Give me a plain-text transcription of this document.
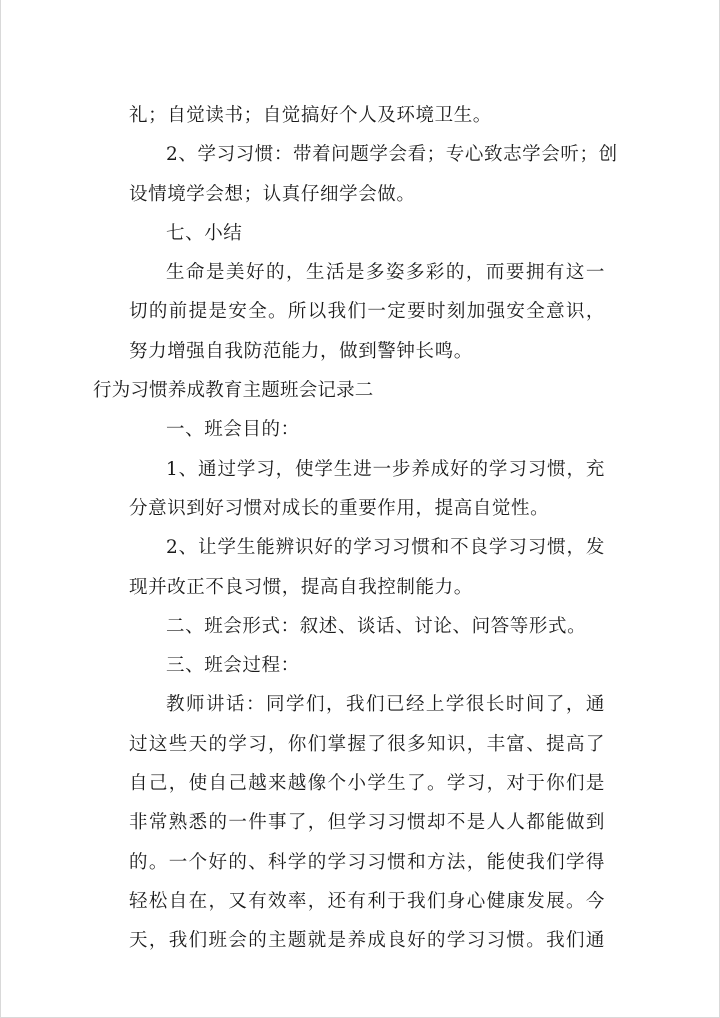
礼；自觉读书；自觉搞好个人及环境卫生。
2、学习习惯：带着问题学会看；专心致志学会听；创
设情境学会想；认真仔细学会做。
七、小结
生命是美好的，生活是多姿多彩的，而要拥有这一
切的前提是安全。所以我们一定要时刻加强安全意识，
努力增强自我防范能力，做到警钟长鸣。
行为习惯养成教育主题班会记录二
一、班会目的：
1、通过学习，使学生进一步养成好的学习习惯，充
分意识到好习惯对成长的重要作用，提高自觉性。
2、让学生能辨识好的学习习惯和不良学习习惯，发
现并改正不良习惯，提高自我控制能力。
二、班会形式：叙述、谈话、讨论、问答等形式。
三、班会过程：
教师讲话：同学们，我们已经上学很长时间了，通
过这些天的学习，你们掌握了很多知识，丰富、提高了
自己，使自己越来越像个小学生了。学习，对于你们是
非常熟悉的一件事了，但学习习惯却不是人人都能做到
的。一个好的、科学的学习习惯和方法，能使我们学得
轻松自在，又有效率，还有利于我们身心健康发展。今
天，我们班会的主题就是养成良好的学习习惯。我们通
